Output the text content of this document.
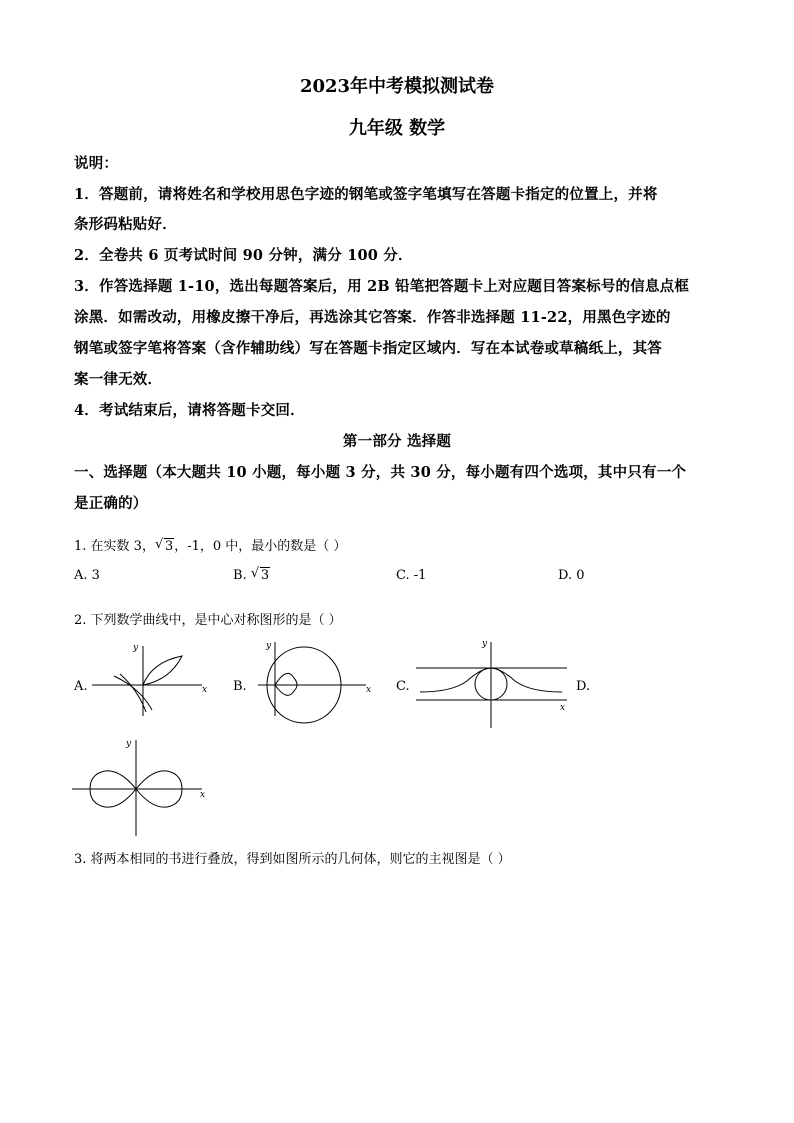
2023年中考模拟测试卷
九年级 数学
说明：
1．答题前，请将姓名和学校用思色字迹的钢笔或签字笔填写在答题卡指定的位置上，并将
条形码粘贴好．
2．全卷共 6 页考试时间 90 分钟，满分 100 分．
3．作答选择题 1-10，选出每题答案后，用 2B 铅笔把答题卡上对应题目答案标号的信息点框
涂黑．如需改动，用橡皮擦干净后，再选涂其它答案．作答非选择题 11-22，用黑色字迹的
钢笔或签字笔将答案（含作辅助线）写在答题卡指定区域内．写在本试卷或草稿纸上，其答
案一律无效．
4．考试结束后，请将答题卡交回．
第一部分 选择题
一、选择题（本大题共 10 小题，每小题 3 分，共 30 分，每小题有四个选项，其中只有一个
是正确的）
1. 在实数 3， √ 3，-1，0 中，最小的数是（ ）
A. 3	B. √ 3	C. -1	D. 0
2. 下列数学曲线中，是中心对称图形的是（ ）
A.
y
x B.
y
x C.
y
x
D.
y
x
3. 将两本相同的书进行叠放，得到如图所示的几何体，则它的主视图是（ ）
